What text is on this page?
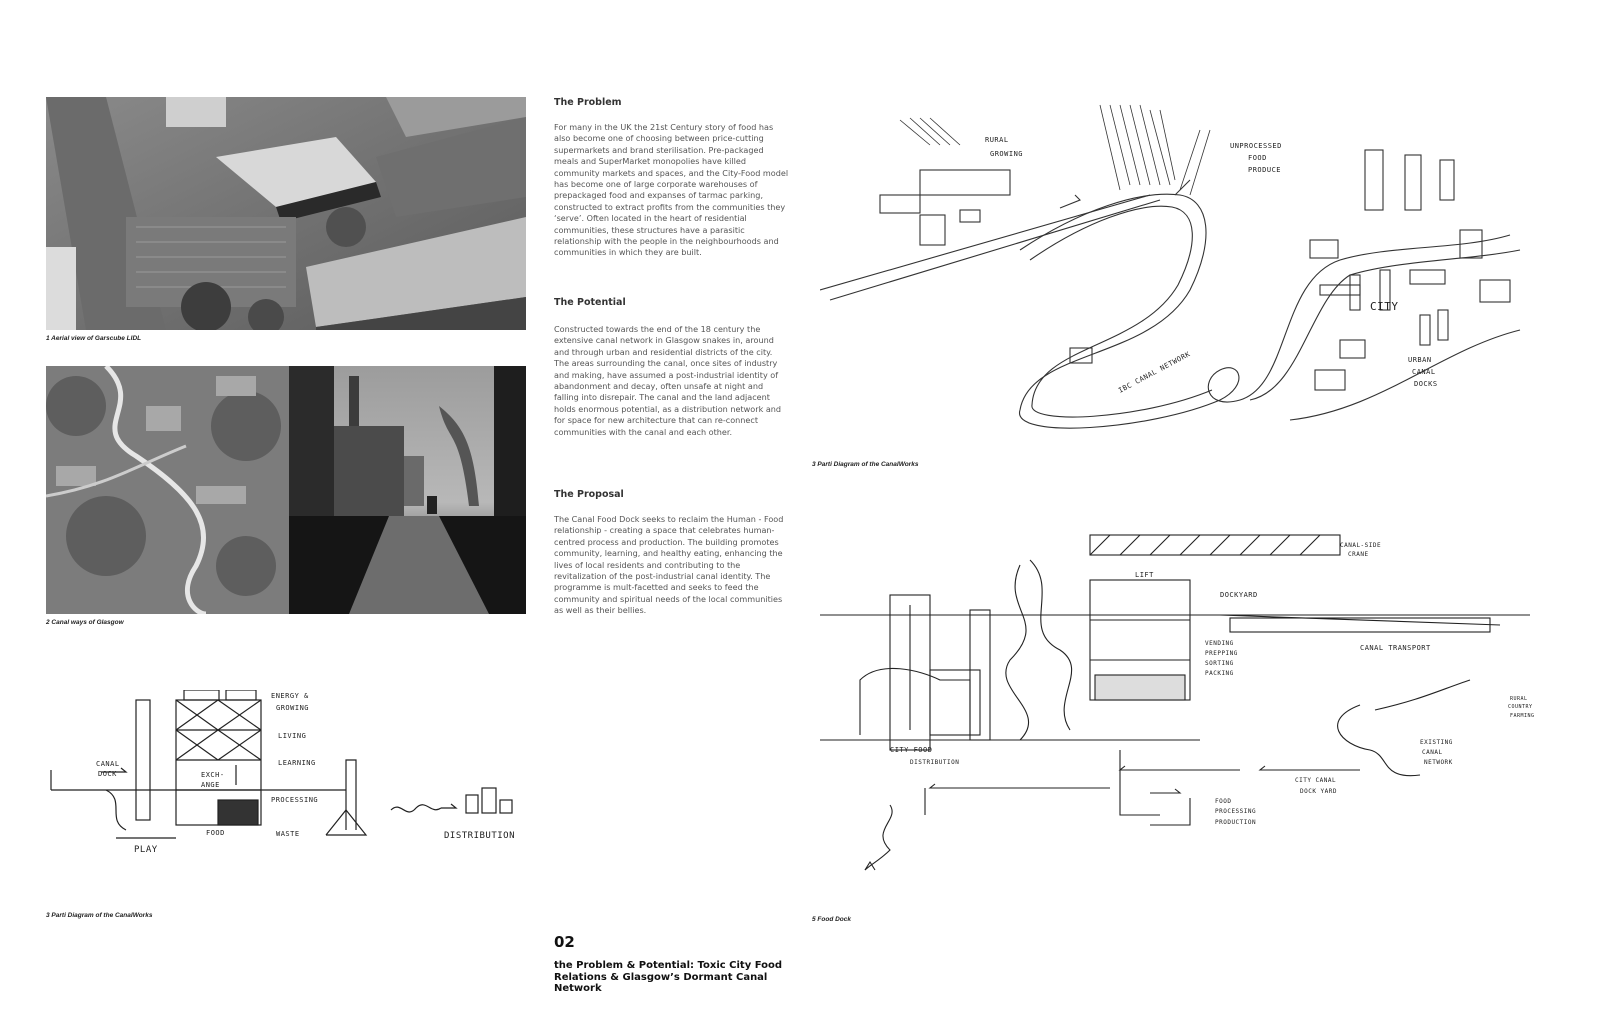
1 Aerial view of Garscube LIDL
2 Canal ways of Glasgow
The Problem
For many in the UK the 21st Century story of food has also become one of choosing between price-cutting supermarkets and brand sterilisation. Pre-packaged meals and SuperMarket monopolies have killed community markets and spaces, and the City-Food model has become one of large corporate warehouses of prepackaged food and expanses of tarmac parking, constructed to extract profits from the communities they ‘serve’. Often located in the heart of residential communities, these structures have a parasitic relationship with the people in the neighbourhoods and communities in which they are built.
The Potential
Constructed towards the end of the 18 century the extensive canal network in Glasgow snakes in, around and through urban and residential districts of the city. The areas surrounding the canal, once sites of industry and making, have assumed a post-industrial identity of abandonment and decay, often unsafe at night and falling into disrepair. The canal and the land adjacent holds enormous potential, as a distribution network and for space for new architecture that can re-connect communities with the canal and each other.
The Proposal
The Canal Food Dock seeks to reclaim the Human - Food relationship - creating a space that celebrates human-centred process and production. The building promotes community, learning, and healthy eating, enhancing the lives of local residents and contributing to the revitalization of the post-industrial canal identity. The programme is mult-facetted and seeks to feed the community and spiritual needs of the local communities as well as their bellies.
RURAL
GROWING
UNPROCESSED
FOOD
PRODUCE
CITY
URBAN
CANAL
DOCKS
IBC CANAL NETWORK
3 Parti Diagram of the CanalWorks
ENERGY &
GROWING
LIVING
LEARNING
EXCH-
ANGE
PROCESSING
FOOD	WASTE
CANAL
DOCK
PLAY
DISTRIBUTION
3 Parti Diagram of the CanalWorks
LIFT
DOCKYARD
CANAL-SIDE
CRANE
CANAL TRANSPORT
VENDING
PREPPING
SORTING
PACKING
RURAL
COUNTRY
FARMING
EXISTING
CANAL
NETWORK
CITY FOOD
DISTRIBUTION
CITY CANAL
DOCK YARD
FOOD
PROCESSING
PRODUCTION
5 Food Dock
02
the Problem & Potential: Toxic City Food Relations & Glasgow’s Dormant Canal Network
